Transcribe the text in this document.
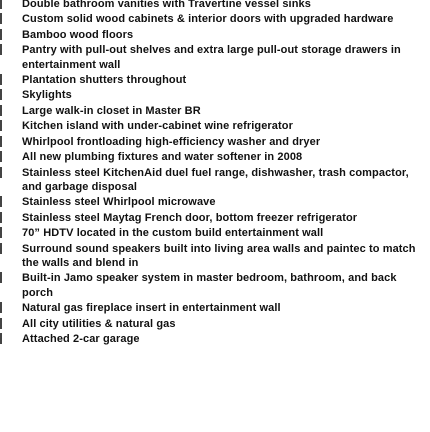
Double bathroom vanities with Travertine vessel sinks
Custom solid wood cabinets & interior doors with upgraded hardware
Bamboo wood floors
Pantry with pull-out shelves and extra large pull-out storage drawers in entertainment wall
Plantation shutters throughout
Skylights
Large walk-in closet in Master BR
Kitchen island with under-cabinet wine refrigerator
Whirlpool frontloading high-efficiency washer and dryer
All new plumbing fixtures and water softener in 2008
Stainless steel KitchenAid duel fuel range, dishwasher, trash compactor, and garbage disposal
Stainless steel Whirlpool microwave
Stainless steel Maytag French door, bottom freezer refrigerator
70” HDTV located in the custom build entertainment wall
Surround sound speakers built into living area walls and paintec to match the walls and blend in
Built-in Jamo speaker system in master bedroom, bathroom, and back porch
Natural gas fireplace insert in entertainment wall
All city utilities & natural gas
Attached 2-car garage
